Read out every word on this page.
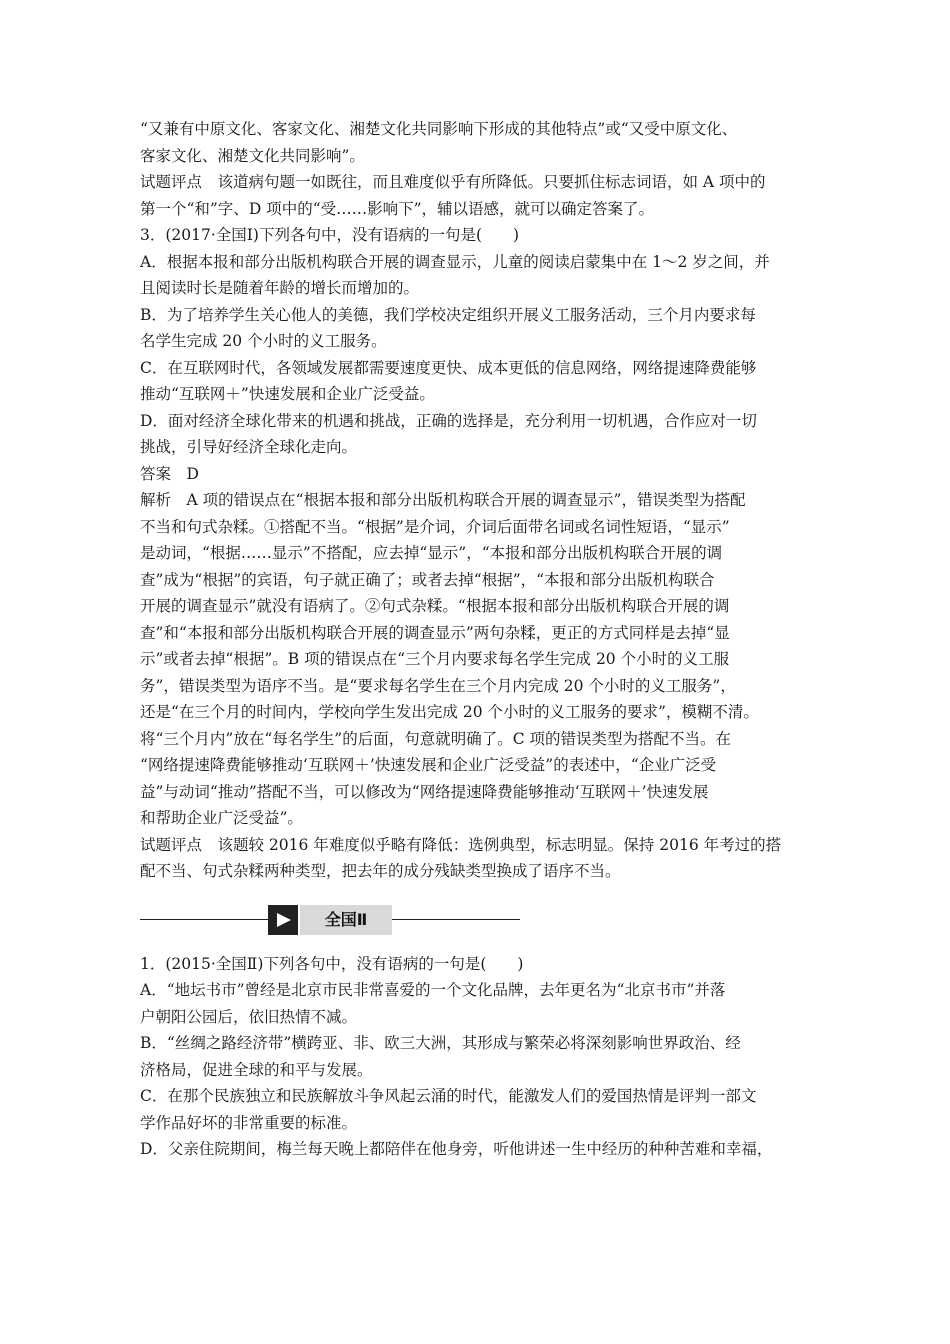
“又兼有中原文化、客家文化、湘楚文化共同影响下形成的其他特点”或“又受中原文化、
客家文化、湘楚文化共同影响”。
试题评点　该道病句题一如既往，而且难度似乎有所降低。只要抓住标志词语，如 A 项中的
第一个“和”字、D 项中的“受……影响下”，辅以语感，就可以确定答案了。
3．(2017·全国Ⅰ)下列各句中，没有语病的一句是(　　)
A．根据本报和部分出版机构联合开展的调查显示，儿童的阅读启蒙集中在 1～2 岁之间，并
且阅读时长是随着年龄的增长而增加的。
B．为了培养学生关心他人的美德，我们学校决定组织开展义工服务活动，三个月内要求每
名学生完成 20 个小时的义工服务。
C．在互联网时代，各领域发展都需要速度更快、成本更低的信息网络，网络提速降费能够
推动“互联网＋”快速发展和企业广泛受益。
D．面对经济全球化带来的机遇和挑战，正确的选择是，充分利用一切机遇，合作应对一切
挑战，引导好经济全球化走向。
答案　D
解析　A 项的错误点在“根据本报和部分出版机构联合开展的调查显示”，错误类型为搭配
不当和句式杂糅。①搭配不当。“根据”是介词，介词后面带名词或名词性短语，“显示”
是动词，“根据……显示”不搭配，应去掉“显示”，“本报和部分出版机构联合开展的调
查”成为“根据”的宾语，句子就正确了；或者去掉“根据”，“本报和部分出版机构联合
开展的调查显示”就没有语病了。②句式杂糅。“根据本报和部分出版机构联合开展的调
查”和“本报和部分出版机构联合开展的调查显示”两句杂糅，更正的方式同样是去掉“显
示”或者去掉“根据”。B 项的错误点在“三个月内要求每名学生完成 20 个小时的义工服
务”，错误类型为语序不当。是“要求每名学生在三个月内完成 20 个小时的义工服务”，
还是“在三个月的时间内，学校向学生发出完成 20 个小时的义工服务的要求”，模糊不清。
将“三个月内”放在“每名学生”的后面，句意就明确了。C 项的错误类型为搭配不当。在
“网络提速降费能够推动‘互联网＋’快速发展和企业广泛受益”的表述中，“企业广泛受
益”与动词“推动”搭配不当，可以修改为“网络提速降费能够推动‘互联网＋’快速发展
和帮助企业广泛受益”。
试题评点　该题较 2016 年难度似乎略有降低：选例典型，标志明显。保持 2016 年考过的搭
配不当、句式杂糅两种类型，把去年的成分残缺类型换成了语序不当。
全国Ⅱ
1．(2015·全国Ⅱ)下列各句中，没有语病的一句是(　　)
A．“地坛书市”曾经是北京市民非常喜爱的一个文化品牌，去年更名为“北京书市”并落
户朝阳公园后，依旧热情不减。
B．“丝绸之路经济带”横跨亚、非、欧三大洲，其形成与繁荣必将深刻影响世界政治、经
济格局，促进全球的和平与发展。
C．在那个民族独立和民族解放斗争风起云涌的时代，能激发人们的爱国热情是评判一部文
学作品好坏的非常重要的标准。
D．父亲住院期间，梅兰每天晚上都陪伴在他身旁，听他讲述一生中经历的种种苦难和幸福，
